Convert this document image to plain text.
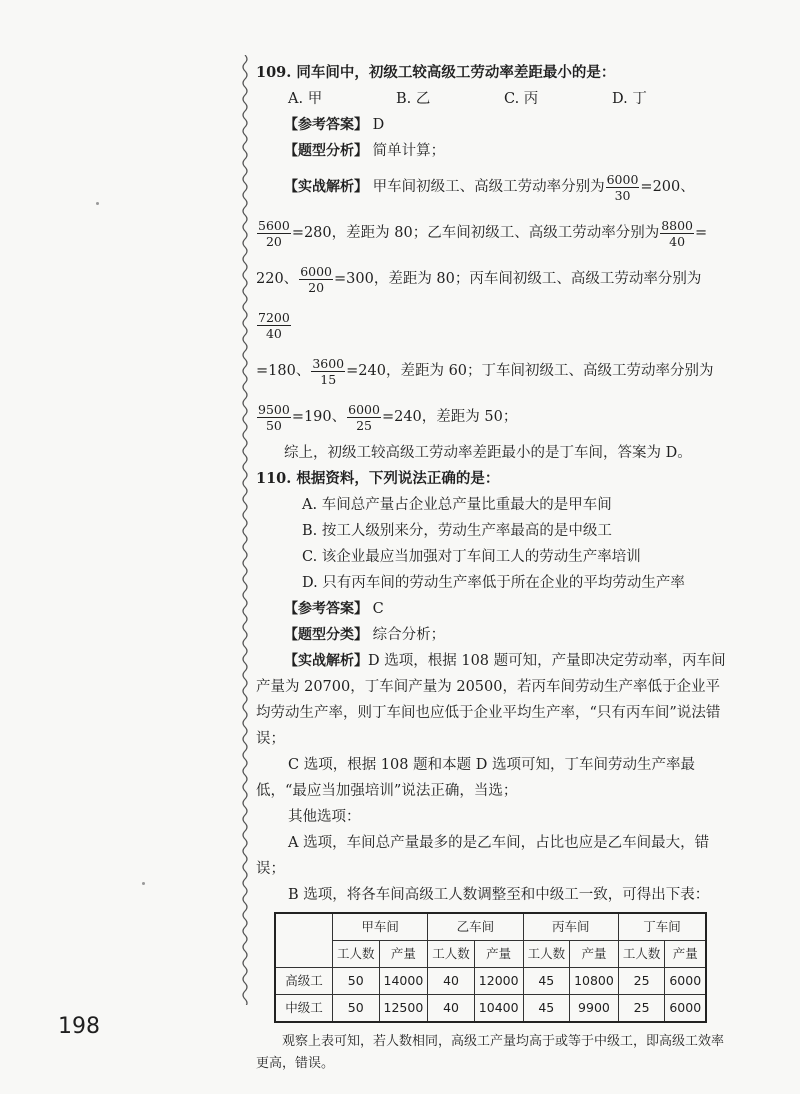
109. 同车间中，初级工较高级工劳动率差距最小的是：
A. 甲	B. 乙	C. 丙	D. 丁
【参考答案】 D
【题型分析】 简单计算；
【实战解析】 甲车间初级工、高级工劳动率分别为 $\frac{6000}{30} =200$、
$\frac{5600}{20} =280$，差距为 80；乙车间初级工、高级工劳动率分别为 $\frac{8800}{40}$ =
220、 $\frac{6000}{20} =300$，差距为 80；丙车间初级工、高级工劳动率分别为
$\frac{7200}{40}$
=180、 $\frac{3600}{15} =240$，差距为 60；丁车间初级工、高级工劳动率分别为
$\frac{9500}{50} =190$、 $\frac{6000}{25} =240$，差距为 50；
综上，初级工较高级工劳动率差距最小的是丁车间，答案为 D。
110. 根据资料，下列说法正确的是：
A. 车间总产量占企业总产量比重最大的是甲车间
B. 按工人级别来分，劳动生产率最高的是中级工
C. 该企业最应当加强对丁车间工人的劳动生产率培训
D. 只有丙车间的劳动生产率低于所在企业的平均劳动生产率
【参考答案】 C
【题型分类】 综合分析；
【实战解析】D 选项，根据 108 题可知，产量即决定劳动率，丙车间产量为 20700，丁车间产量为 20500，若丙车间劳动生产率低于企业平均劳动生产率，则丁车间也应低于企业平均生产率，“只有丙车间”说法错误；
C 选项，根据 108 题和本题 D 选项可知，丁车间劳动生产率最低，“最应当加强培训”说法正确，当选；
其他选项：
A 选项，车间总产量最多的是乙车间，占比也应是乙车间最大，错误；
B 选项，将各车间高级工人数调整至和中级工一致，可得出下表：
	甲车间		乙车间		丙车间		丁车间	
	工人数	产量	工人数	产量	工人数	产量	工人数	产量
高级工	50	14000	40	12000	45	10800	25	6000
中级工	50	12500	40	10400	45	9900	25	6000
观察上表可知，若人数相同，高级工产量均高于或等于中级工，即高级工效率更高，错误。
198
